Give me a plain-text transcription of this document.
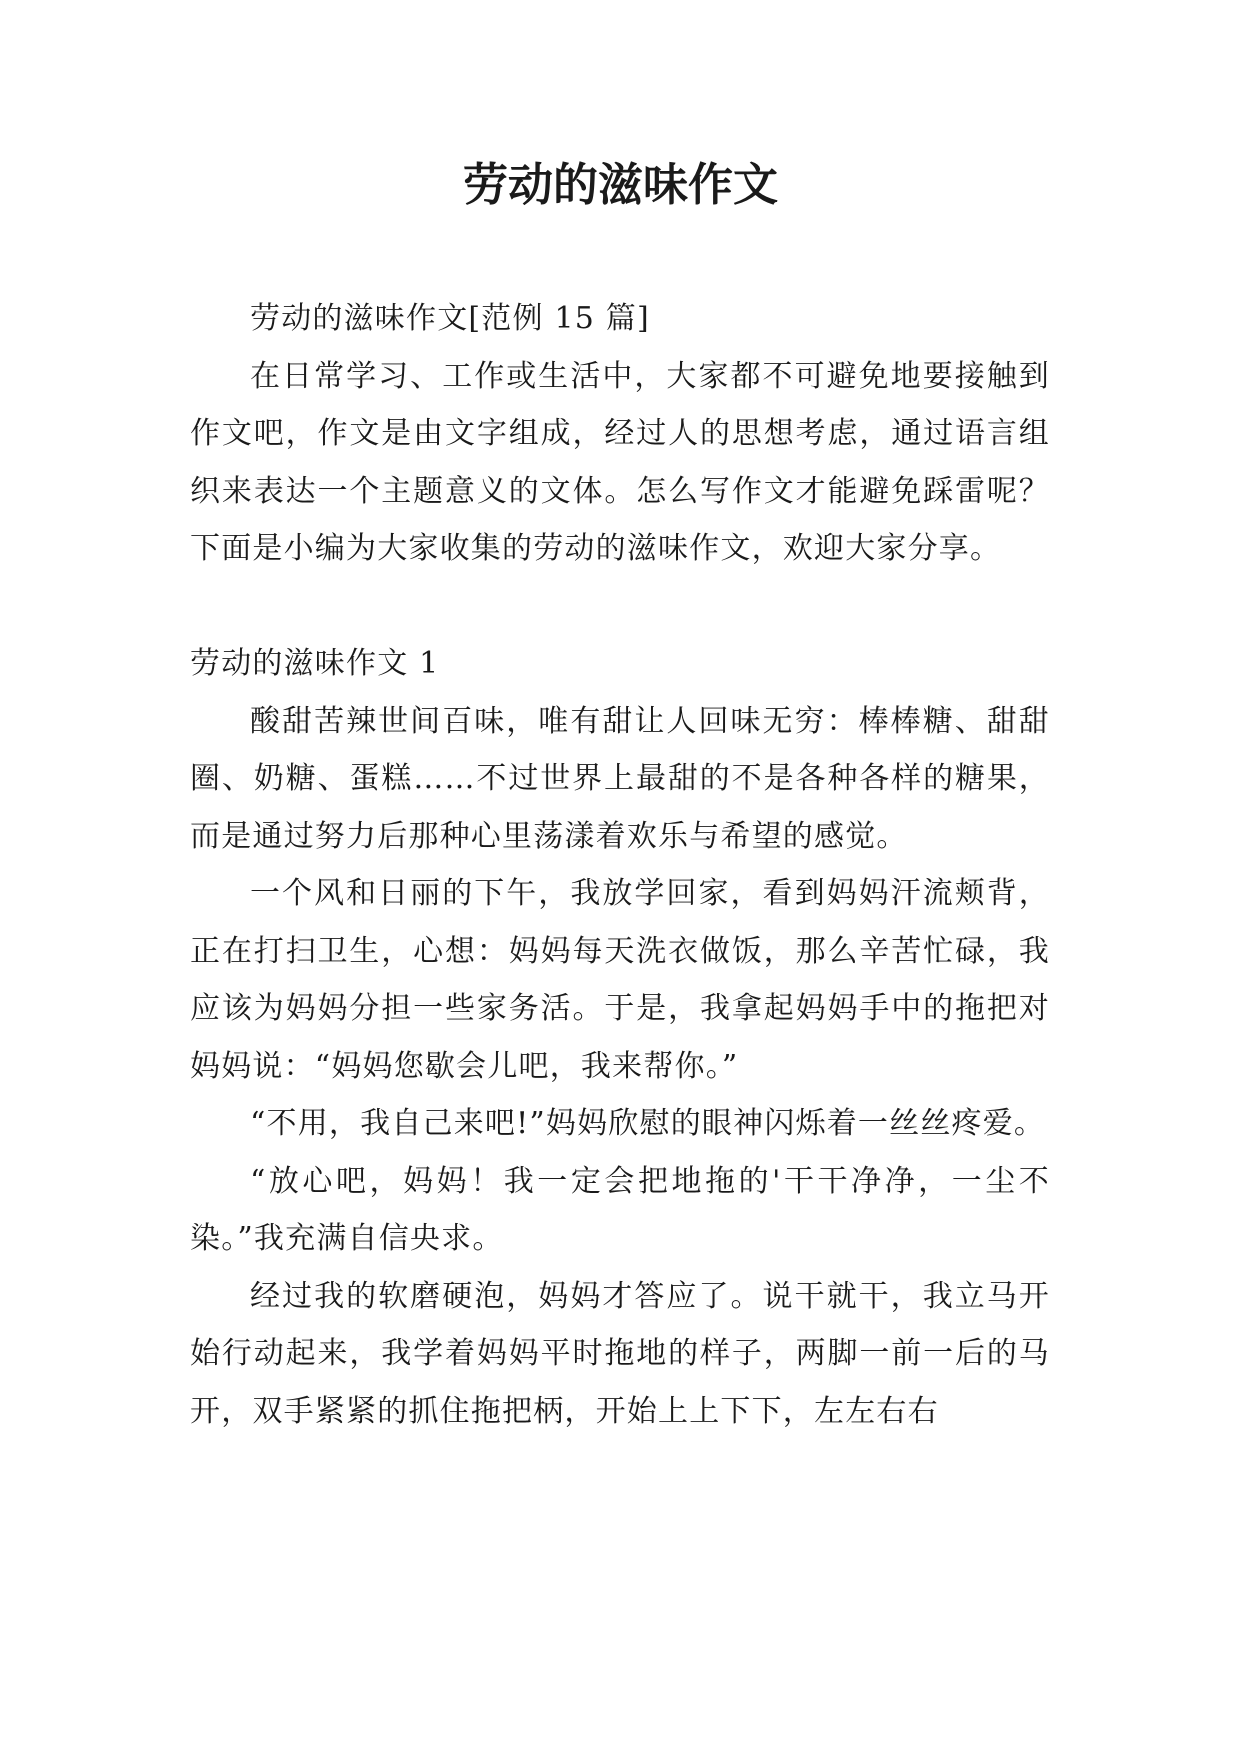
劳动的滋味作文

劳动的滋味作文[范例 15 篇]

在日常学习、工作或生活中，大家都不可避免地要接触到作文吧，作文是由文字组成，经过人的思想考虑，通过语言组织来表达一个主题意义的文体。怎么写作文才能避免踩雷呢？下面是小编为大家收集的劳动的滋味作文，欢迎大家分享。

劳动的滋味作文 1

酸甜苦辣世间百味，唯有甜让人回味无穷：棒棒糖、甜甜圈、奶糖、蛋糕……不过世界上最甜的不是各种各样的糖果，而是通过努力后那种心里荡漾着欢乐与希望的感觉。

一个风和日丽的下午，我放学回家，看到妈妈汗流颊背，正在打扫卫生，心想：妈妈每天洗衣做饭，那么辛苦忙碌，我应该为妈妈分担一些家务活。于是，我拿起妈妈手中的拖把对妈妈说：“妈妈您歇会儿吧，我来帮你。”

“不用，我自己来吧!”妈妈欣慰的眼神闪烁着一丝丝疼爱。

“放心吧，妈妈！我一定会把地拖的'干干净净，一尘不染。”我充满自信央求。

经过我的软磨硬泡，妈妈才答应了。说干就干，我立马开始行动起来，我学着妈妈平时拖地的样子，两脚一前一后的马开，双手紧紧的抓住拖把柄，开始上上下下，左左右右
